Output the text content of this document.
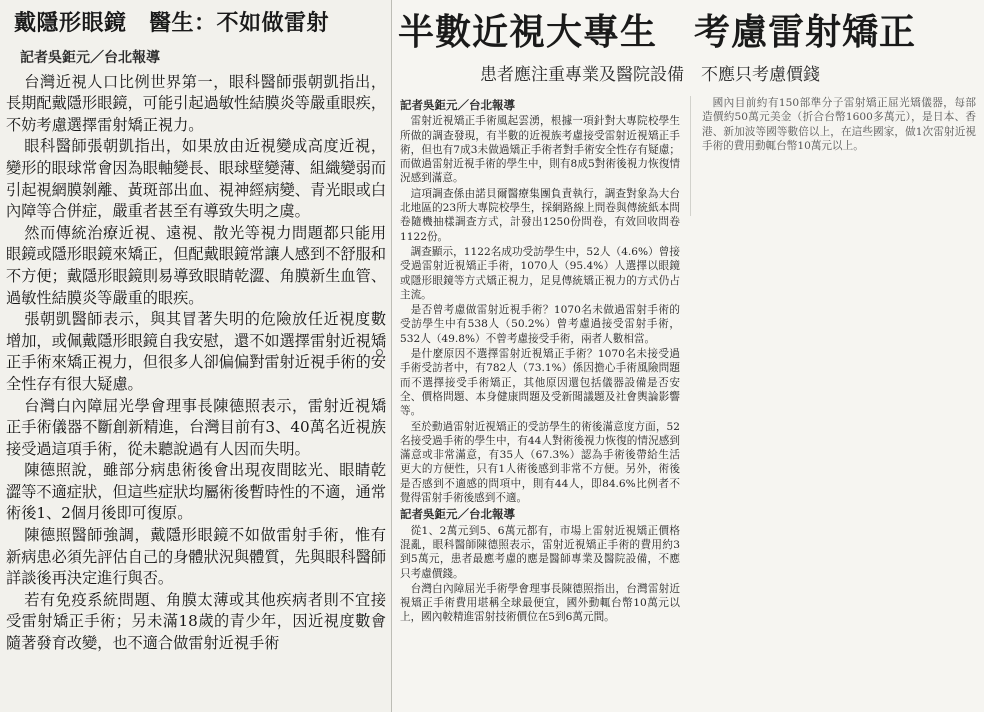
戴隱形眼鏡　醫生：不如做雷射
記者吳鉅元／台北報導

台灣近視人口比例世界第一，眼科醫師張朝凱指出，長期配戴隱形眼鏡，可能引起過敏性結膜炎等嚴重眼疾，不妨考慮選擇雷射矯正視力。

眼科醫師張朝凱指出，如果放由近視變成高度近視，變形的眼球常會因為眼軸變長、眼球壁變薄、組織變弱而引起視網膜剝離、黃斑部出血、視神經病變、青光眼或白內障等合併症，嚴重者甚至有導致失明之虞。

然而傳統治療近視、遠視、散光等視力問題都只能用眼鏡或隱形眼鏡來矯正，但配戴眼鏡常讓人感到不舒服和不方便；戴隱形眼鏡則易導致眼睛乾澀、角膜新生血管、過敏性結膜炎等嚴重的眼疾。

張朝凱醫師表示，與其冒著失明的危險放任近視度數增加，或佩戴隱形眼鏡自我安慰，還不如選擇雷射近視矯正手術來矯正視力，但很多人卻偏偏對雷射近視手術的安全性存有很大疑慮。

台灣白內障屈光學會理事長陳德照表示，雷射近視矯正手術儀器不斷創新精進，台灣目前有3、40萬名近視族接受過這項手術，從未聽說過有人因而失明。

陳德照說，雖部分病患術後會出現夜間眩光、眼睛乾澀等不適症狀，但這些症狀均屬術後暫時性的不適，通常術後1、2個月後即可復原。

陳德照醫師強調，戴隱形眼鏡不如做雷射手術，惟有新病患必須先評估自己的身體狀況與體質，先與眼科醫師詳談後再決定進行與否。

若有免疫系統問題、角膜太薄或其他疾病者則不宜接受雷射矯正手術；另未滿18歲的青少年，因近視度數會隨著發育改變，也不適合做雷射近視手術

半數近視大專生　考慮雷射矯正
患者應注重專業及醫院設備　不應只考慮價錢
記者吳鉅元／台北報導

雷射近視矯正手術風起雲湧，根據一項針對大專院校學生所做的調查發現，有半數的近視族考慮接受雷射近視矯正手術，但也有7成3未做過矯正手術者對手術安全性存有疑慮；而做過雷射近視手術的學生中，則有8成5對術後視力恢復情況感到滿意。

這項調查係由諾貝爾醫療集團負責執行，調查對象為大台北地區的23所大專院校學生，採網路線上問卷與傳統紙本問卷隨機抽樣調查方式，計發出1250份問卷，有效回收問卷1122份。

調查顯示，1122名成功受訪學生中，52人（4.6%）曾接受過雷射近視矯正手術，1070人（95.4%）人選擇以眼鏡或隱形眼鏡等方式矯正視力，足見傳統矯正視力的方式仍占主流。

是否曾考慮做雷射近視手術？1070名未做過雷射手術的受訪學生中有538人（50.2%）曾考慮過接受雷射手術，532人（49.8%）不曾考慮接受手術，兩者人數相當。

是什麼原因不選擇雷射近視矯正手術？1070名未接受過手術受訪者中，有782人（73.1%）係因擔心手術風險問題而不選擇接受手術矯正，其他原因還包括儀器設備是否安全、價格問題、本身健康問題及受新聞議題及社會輿論影響等。

至於動過雷射近視矯正的受訪學生的術後滿意度方面，52名接受過手術的學生中，有44人對術後視力恢復的情況感到滿意或非常滿意，有35人（67.3%）認為手術後帶給生活更大的方便性，只有1人術後感到非常不方便。另外，術後是否感到不適感的問項中，則有44人，即84.6%比例者不覺得雷射手術後感到不適。

記者吳鉅元／台北報導

從1、2萬元到5、6萬元都有，市場上雷射近視矯正價格混亂，眼科醫師陳德照表示，雷射近視矯正手術的費用約3到5萬元，患者最應考慮的應是醫師專業及醫院設備，不應只考慮價錢。

台灣白內障屈光手術學會理事長陳德照指出，台灣雷射近視矯正手術費用堪稱全球最便宜，國外動輒台幣10萬元以上，國內較精進雷射技術價位在5到6萬元間。

國內目前約有150部準分子雷射矯正屈光矯儀器，每部造價約50萬元美金（折合台幣1600多萬元），是日本、香港、新加波等國等數倍以上，在這些國家，做1次雷射近視手術的費用動輒台幣10萬元以上。
